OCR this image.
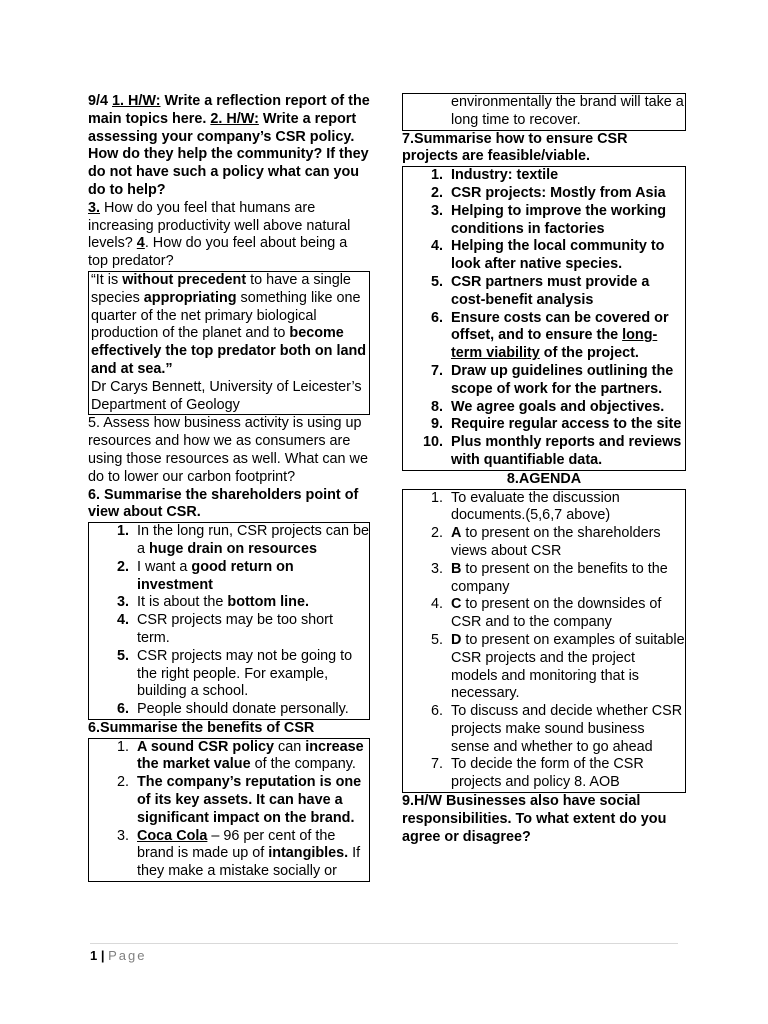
9/4 1. H/W: Write a reflection report of the main topics here. 2. H/W: Write a report assessing your company’s CSR policy. How do they help the community? If they do not have such a policy what can you do to help?
3. How do you feel that humans are increasing productivity well above natural levels? 4. How do you feel about being a top predator?
“It is without precedent to have a single species appropriating something like one quarter of the net primary biological production of the planet and to become effectively the top predator both on land and at sea.”
Dr Carys Bennett, University of Leicester’s Department of Geology
5. Assess how business activity is using up resources and how we as consumers are using those resources as well. What can we do to lower our carbon footprint?
6. Summarise the shareholders point of view about CSR.
1. In the long run, CSR projects can be a huge drain on resources
2. I want a good return on investment
3. It is about the bottom line.
4. CSR projects may be too short term.
5. CSR projects may not be going to the right people. For example, building a school.
6. People should donate personally.
6.Summarise the benefits of CSR
1. A sound CSR policy can increase the market value of the company.
2. The company’s reputation is one of its key assets. It can have a significant impact on the brand.
3. Coca Cola – 96 per cent of the brand is made up of intangibles. If they make a mistake socially or
environmentally the brand will take a long time to recover.
7.Summarise how to ensure CSR projects are feasible/viable.
1. Industry: textile
2. CSR projects: Mostly from Asia
3. Helping to improve the working conditions in factories
4. Helping the local community to look after native species.
5. CSR partners must provide a cost-benefit analysis
6. Ensure costs can be covered or offset, and to ensure the long-term viability of the project.
7. Draw up guidelines outlining the scope of work for the partners.
8. We agree goals and objectives.
9. Require regular access to the site
10. Plus monthly reports and reviews with quantifiable data.
8.AGENDA
1. To evaluate the discussion documents.(5,6,7 above)
2. A to present on the shareholders views about CSR
3. B to present on the benefits to the company
4. C to present on the downsides of CSR and to the company
5. D to present on examples of suitable CSR projects and the project models and monitoring that is necessary.
6. To discuss and decide whether CSR projects make sound business sense and whether to go ahead
7. To decide the form of the CSR projects and policy 8. AOB
9.H/W Businesses also have social responsibilities. To what extent do you agree or disagree?
1 | Page
